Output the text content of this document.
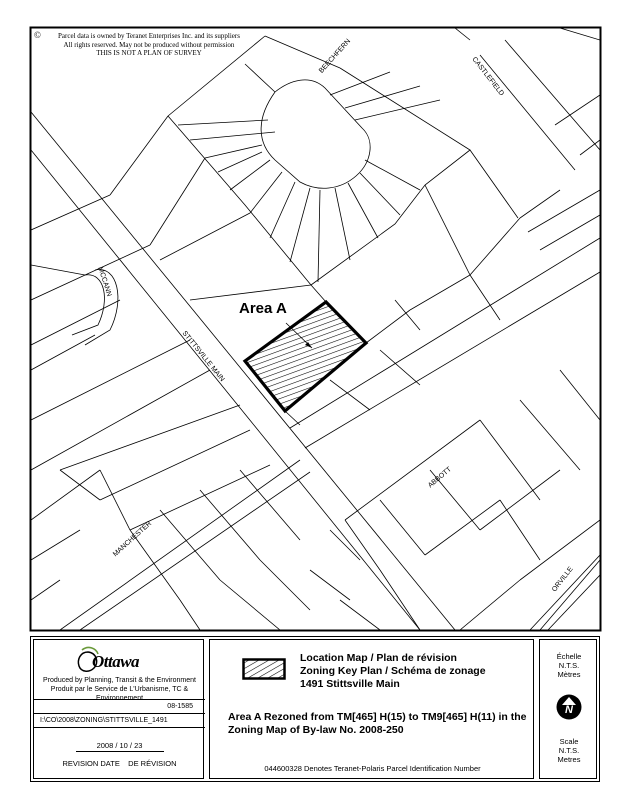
©	Parcel data is owned by Teranet Enterprises Inc. and its suppliers
All rights reserved. May not be produced without permission
THIS IS NOT A PLAN OF SURVEY	BEECHFERN	CASTLEFIELD
MCCANN
STITTSVILLE MAIN
ABBOTT
MANCHESTER
ORVILLE
Area A
Ottawa
Produced by Planning, Transit & the Environment
Produit par le Service de L'Urbanisme, TC & Environnement
08-1585
I:\CO\2008\ZONING\STITTSVILLE_1491
2008 / 10 / 23
REVISION DATE    DE RÉVISION
Location Map / Plan de révision
Zoning Key Plan / Schéma de zonage
1491 Stittsville Main
Area A Rezoned from TM[465] H(15) to TM9[465] H(11) in the Zoning Map of By-law No. 2008-250
044600328 Denotes Teranet-Polaris Parcel Identification Number
Échelle
N.T.S.
Mètres
N
Scale
N.T.S.
Metres
